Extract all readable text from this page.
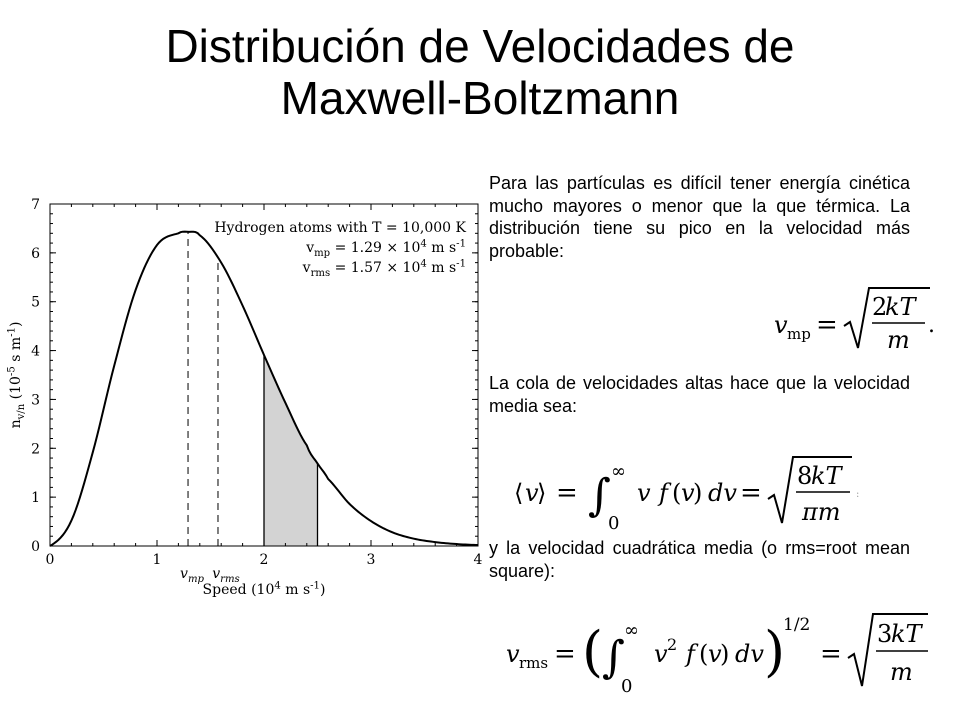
Distribución de Velocidades de
Maxwell-Boltzmann
0	1	2	3	4
0
1
2
3
4
5
6
7
Speed ($10^4$ m $s^{-1}$)
$n_{v/n}$ ($10^{-5}$ s $m^{-1}$)
$v_{mp}$ $v_{rms}$
Hydrogen atoms with T = 10,000 K
$v_{mp} = 1.29 \times 10^4$ m $s^{-1}$
$v_{rms} = 1.57 \times 10^4$ m $s^{-1}$
Para las partículas es difícil tener energía cinética mucho mayores o menor que la que térmica. La distribución tiene su pico en la velocidad más probable:
v mp =
2
kT
m
.
La cola de velocidades altas hace que la velocidad media sea:
⟨ v
⟩ = ∫ ∞
0
v f ( v
) dv =
8
kT
πm
:
y la velocidad cuadrática media (o rms=root mean square):
v rms = (
∫
∞
0
v 2 f ( v
) dv )
1/2
=
3
kT
m
